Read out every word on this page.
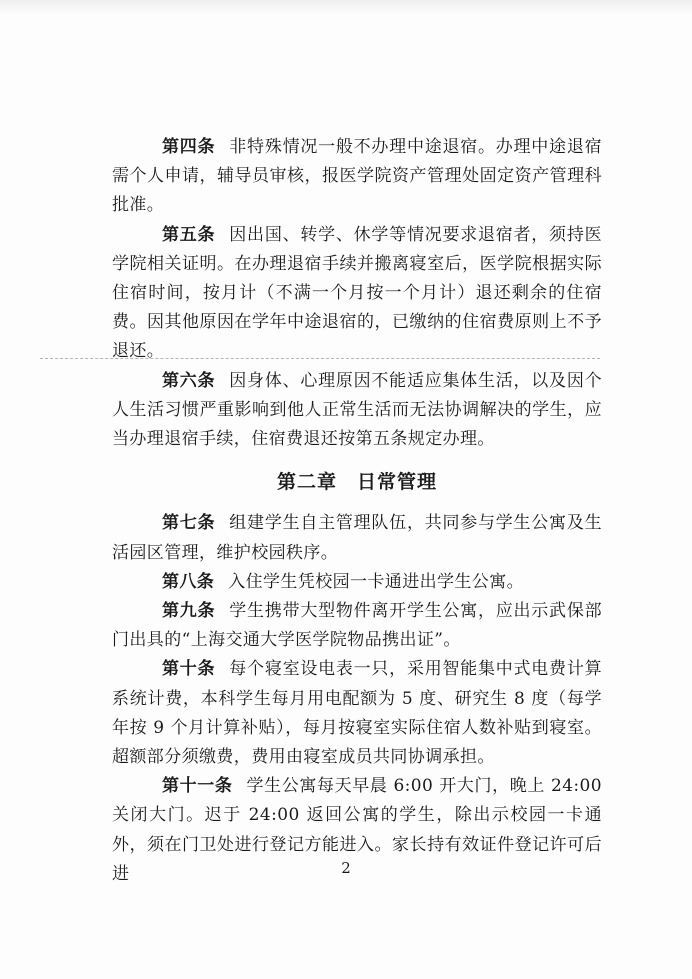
第四条 非特殊情况一般不办理中途退宿。办理中途退宿需个人申请，辅导员审核，报医学院资产管理处固定资产管理科批准。

第五条 因出国、转学、休学等情况要求退宿者，须持医学院相关证明。在办理退宿手续并搬离寝室后，医学院根据实际住宿时间，按月计（不满一个月按一个月计）退还剩余的住宿费。因其他原因在学年中途退宿的，已缴纳的住宿费原则上不予退还。

第六条 因身体、心理原因不能适应集体生活，以及因个人生活习惯严重影响到他人正常生活而无法协调解决的学生，应当办理退宿手续，住宿费退还按第五条规定办理。

第二章 日常管理

第七条 组建学生自主管理队伍，共同参与学生公寓及生活园区管理，维护校园秩序。

第八条 入住学生凭校园一卡通进出学生公寓。

第九条 学生携带大型物件离开学生公寓，应出示武保部门出具的“上海交通大学医学院物品携出证”。

第十条 每个寝室设电表一只，采用智能集中式电费计算系统计费，本科学生每月用电配额为 5 度、研究生 8 度（每学年按 9 个月计算补贴），每月按寝室实际住宿人数补贴到寝室。超额部分须缴费，费用由寝室成员共同协调承担。

第十一条 学生公寓每天早晨 6:00 开大门，晚上 24:00 关闭大门。迟于 24:00 返回公寓的学生，除出示校园一卡通外，须在门卫处进行登记方能进入。家长持有效证件登记许可后进	2
